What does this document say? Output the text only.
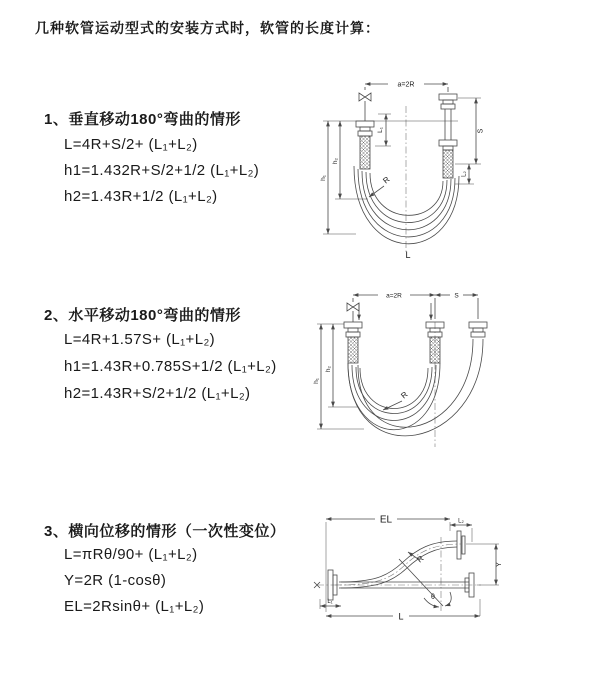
几种软管运动型式的安装方式时，软管的长度计算：
1、垂直移动180°弯曲的情形
L=4R+S/2+ (L₁+L₂)
h1=1.432R+S/2+1/2 (L₁+L₂)
h2=1.43R+1/2 (L₁+L₂)
2、水平移动180°弯曲的情形
L=4R+1.57S+ (L₁+L₂)
h1=1.43R+0.785S+1/2 (L₁+L₂)
h2=1.43R+S/2+1/2 (L₁+L₂)
3、横向位移的情形（一次性变位）
L=πRθ/90+ (L₁+L₂)
Y=2R (1-cosθ)
EL=2Rsinθ+ (L₁+L₂)
a=2R
L₁	S
L₂
h₁
h₂
R
L
a=2R	S
h₁
h₂
R
EL	L₂
Y
R
θ
L
L₁
